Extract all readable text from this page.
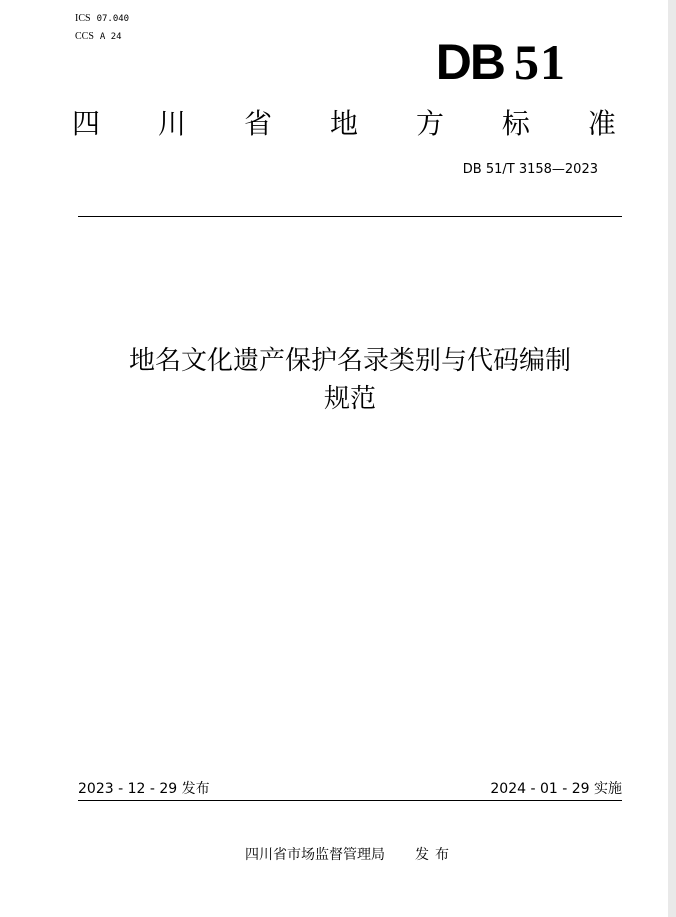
ICS 07.040
CCS A 24	DB 51
四 川 省 地 方 标 准
DB 51/T 3158—2023
地名文化遗产保护名录类别与代码编制
规范
2023 - 12 - 29 发布	2024 - 01 - 29 实施
四川省市场监督管理局 发布
